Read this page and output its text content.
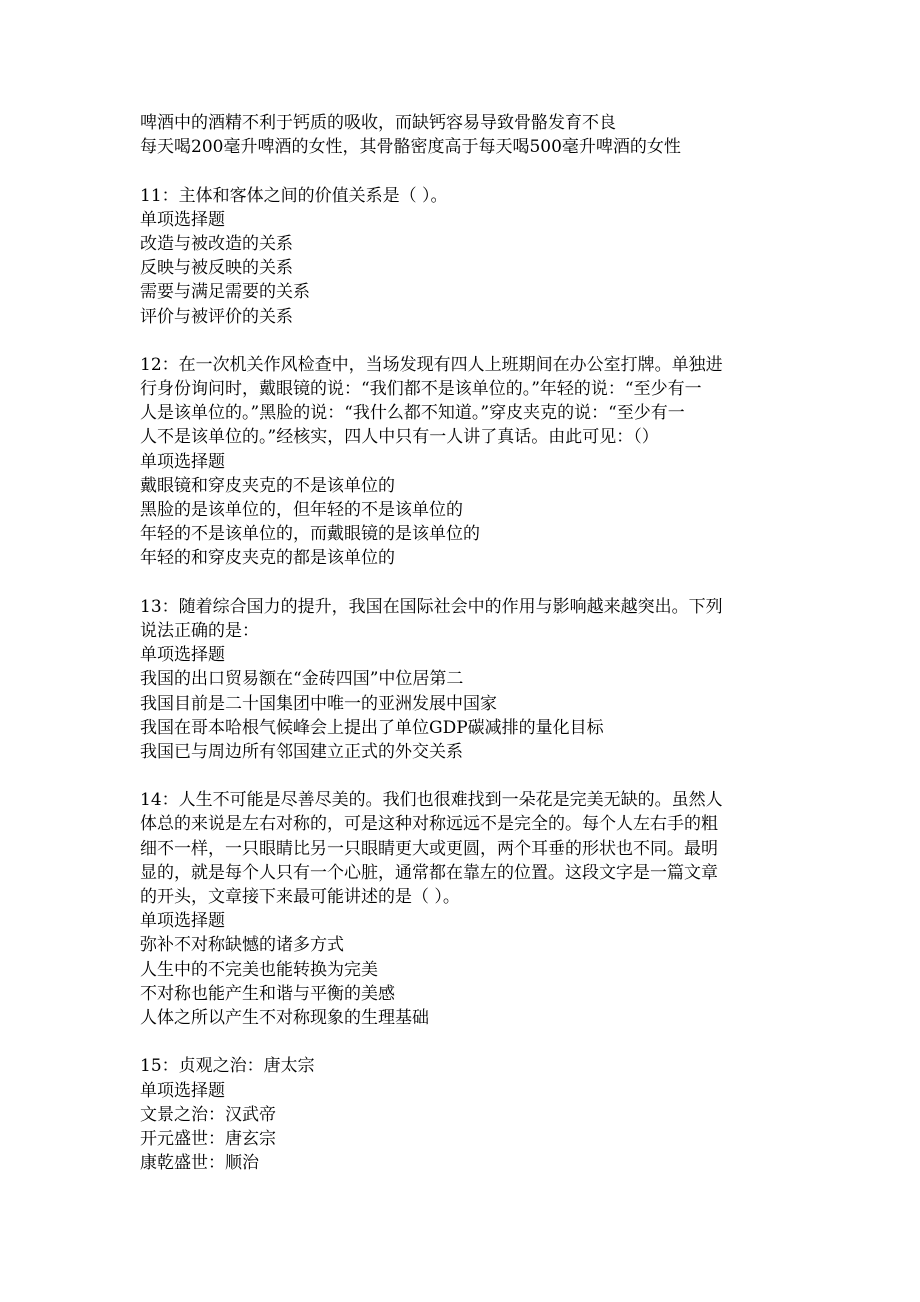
啤酒中的酒精不利于钙质的吸收，而缺钙容易导致骨骼发育不良
每天喝200毫升啤酒的女性，其骨骼密度高于每天喝500毫升啤酒的女性
11：主体和客体之间的价值关系是（ ）。
单项选择题
改造与被改造的关系
反映与被反映的关系
需要与满足需要的关系
评价与被评价的关系
12：在一次机关作风检查中，当场发现有四人上班期间在办公室打牌。单独进
行身份询问时，戴眼镜的说：“我们都不是该单位的。”年轻的说：“至少有一
人是该单位的。”黑脸的说：“我什么都不知道。”穿皮夹克的说：“至少有一
人不是该单位的。”经核实，四人中只有一人讲了真话。由此可见：（）
单项选择题
戴眼镜和穿皮夹克的不是该单位的
黑脸的是该单位的，但年轻的不是该单位的
年轻的不是该单位的，而戴眼镜的是该单位的
年轻的和穿皮夹克的都是该单位的
13：随着综合国力的提升，我国在国际社会中的作用与影响越来越突出。下列
说法正确的是：
单项选择题
我国的出口贸易额在“金砖四国”中位居第二
我国目前是二十国集团中唯一的亚洲发展中国家
我国在哥本哈根气候峰会上提出了单位GDP碳减排的量化目标
我国已与周边所有邻国建立正式的外交关系
14：人生不可能是尽善尽美的。我们也很难找到一朵花是完美无缺的。虽然人
体总的来说是左右对称的，可是这种对称远远不是完全的。每个人左右手的粗
细不一样，一只眼睛比另一只眼睛更大或更圆，两个耳垂的形状也不同。最明
显的，就是每个人只有一个心脏，通常都在靠左的位置。这段文字是一篇文章
的开头，文章接下来最可能讲述的是（ ）。
单项选择题
弥补不对称缺憾的诸多方式
人生中的不完美也能转换为完美
不对称也能产生和谐与平衡的美感
人体之所以产生不对称现象的生理基础
15：贞观之治：唐太宗
单项选择题
文景之治：汉武帝
开元盛世：唐玄宗
康乾盛世：顺治
